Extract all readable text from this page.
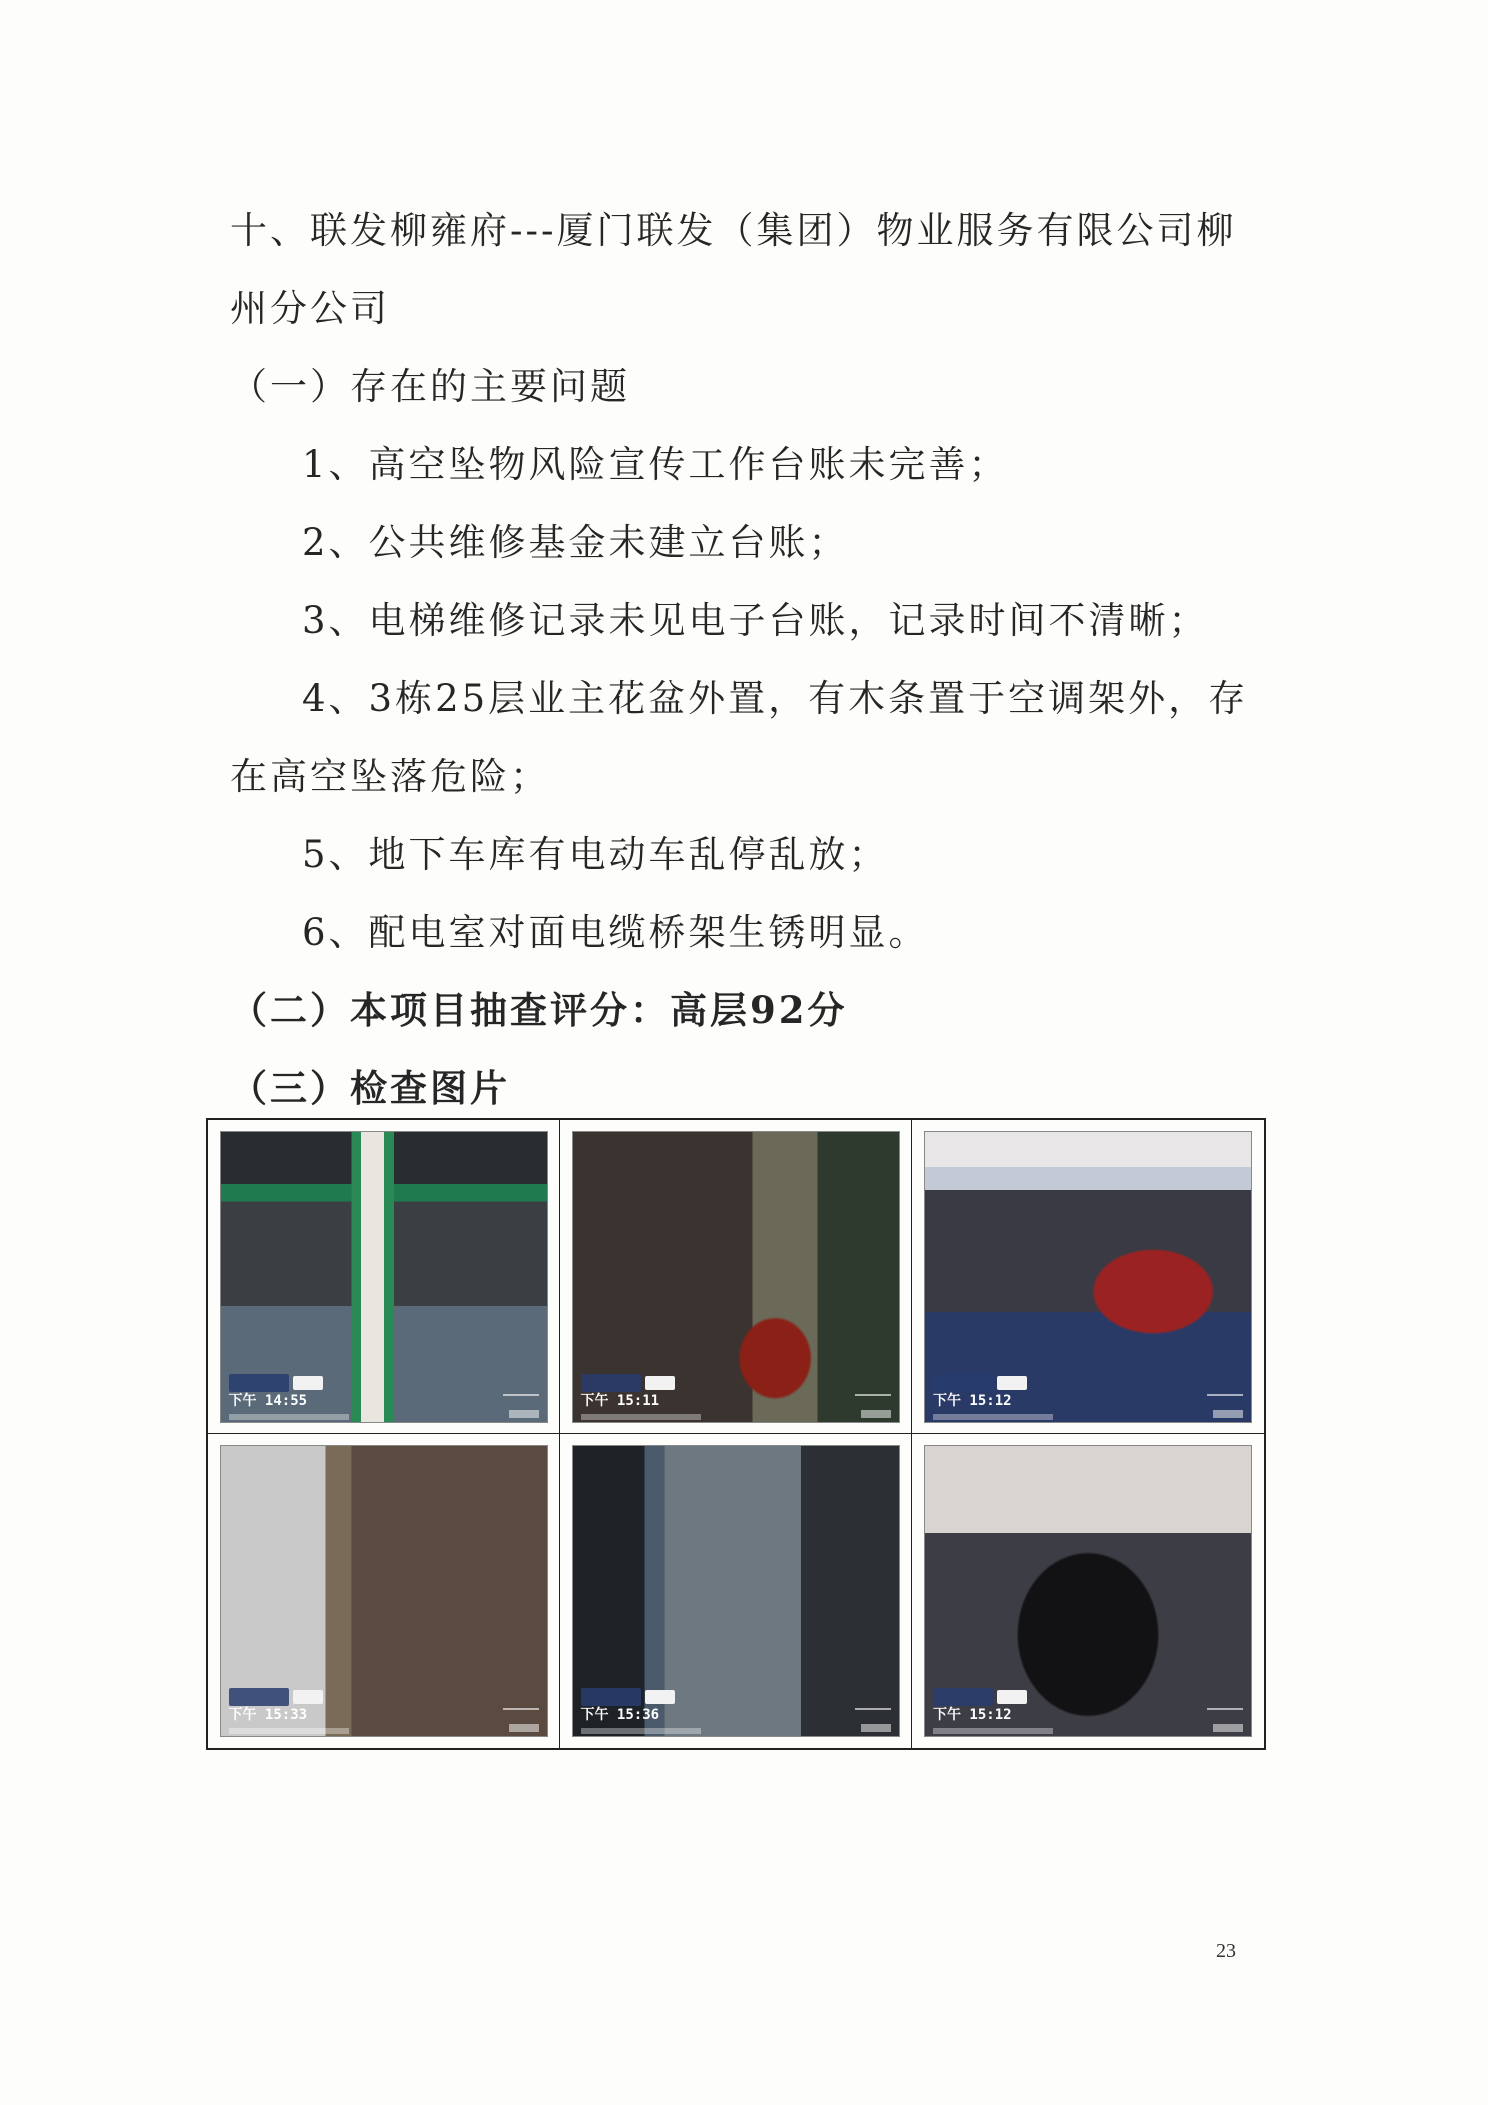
十、联发柳雍府---厦门联发（集团）物业服务有限公司柳

州分公司

（一）存在的主要问题

1、高空坠物风险宣传工作台账未完善；

2、公共维修基金未建立台账；

3、电梯维修记录未见电子台账，记录时间不清晰；

4、3栋25层业主花盆外置，有木条置于空调架外，存

在高空坠落危险；

5、地下车库有电动车乱停乱放；

6、配电室对面电缆桥架生锈明显。

（二）本项目抽查评分：高层92分

（三）检查图片

下午 14:55	下午 15:11	下午 15:12
下午 15:33	下午 15:36	下午 15:12
23
